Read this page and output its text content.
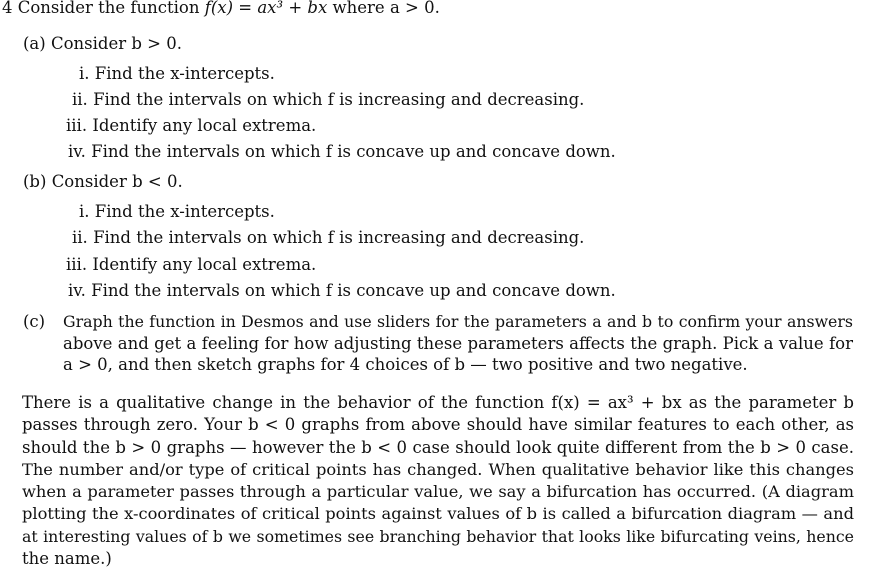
4 Consider the function f(x) = ax³ + bx where a > 0.
(a) Consider b > 0.
i. Find the x-intercepts.
ii. Find the intervals on which f is increasing and decreasing.
iii. Identify any local extrema.
iv. Find the intervals on which f is concave up and concave down.
(b) Consider b < 0.
i. Find the x-intercepts.
ii. Find the intervals on which f is increasing and decreasing.
iii. Identify any local extrema.
iv. Find the intervals on which f is concave up and concave down.
(c) Graph the function in Desmos and use sliders for the parameters a and b to confirm your answers
above and get a feeling for how adjusting these parameters affects the graph. Pick a value for
a > 0, and then sketch graphs for 4 choices of b — two positive and two negative.
There is a qualitative change in the behavior of the function f(x) = ax³ + bx as the parameter b
passes through zero. Your b < 0 graphs from above should have similar features to each other, as
should the b > 0 graphs — however the b < 0 case should look quite different from the b > 0 case.
The number and/or type of critical points has changed. When qualitative behavior like this changes
when a parameter passes through a particular value, we say a bifurcation has occurred. (A diagram
plotting the x-coordinates of critical points against values of b is called a bifurcation diagram — and
at interesting values of b we sometimes see branching behavior that looks like bifurcating veins, hence
the name.)
